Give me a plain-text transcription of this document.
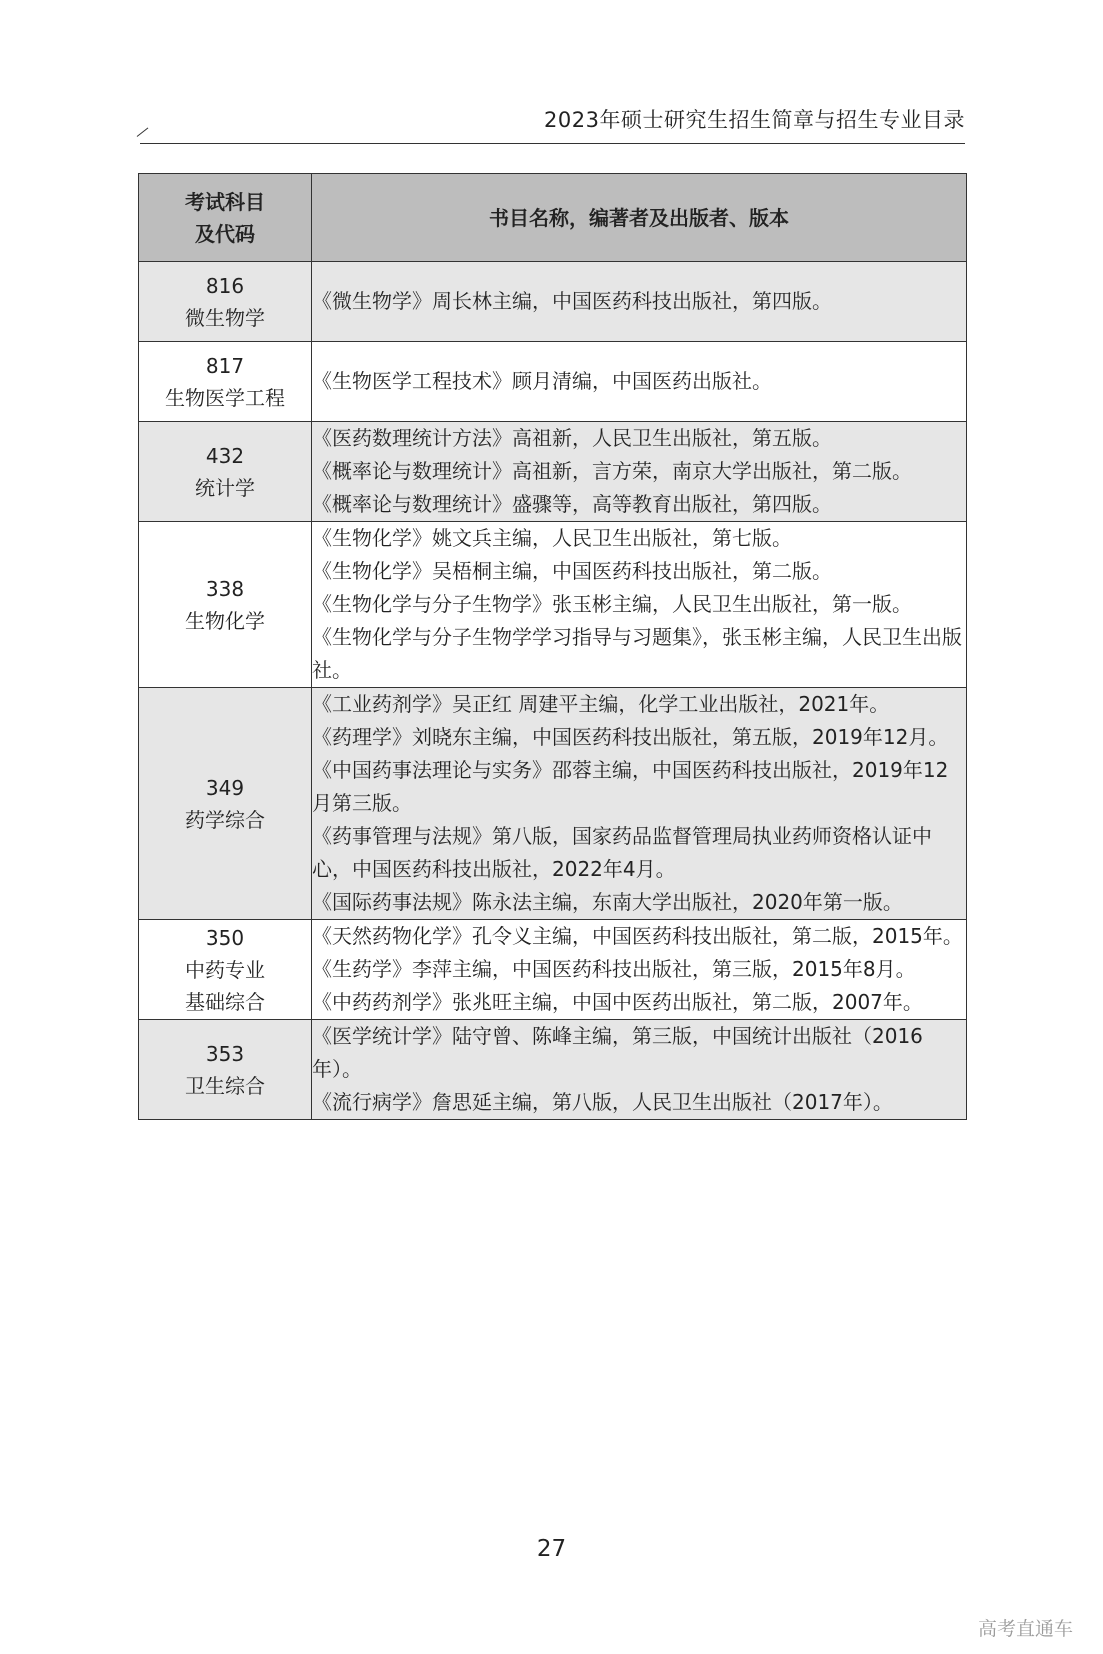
2023年硕士研究生招生简章与招生专业目录
考试科目
及代码	书目名称，编著者及出版者、版本

816
微生物学	《微生物学》周长林主编，中国医药科技出版社，第四版。

817
生物医学工程	《生物医学工程技术》顾月清编，中国医药出版社。

432
统计学	《医药数理统计方法》高祖新，人民卫生出版社，第五版。
《概率论与数理统计》高祖新，言方荣，南京大学出版社，第二版。
《概率论与数理统计》盛骤等，高等教育出版社，第四版。

338
生物化学	《生物化学》姚文兵主编，人民卫生出版社，第七版。
《生物化学》吴梧桐主编，中国医药科技出版社，第二版。
《生物化学与分子生物学》张玉彬主编，人民卫生出版社，第一版。
《生物化学与分子生物学学习指导与习题集》，张玉彬主编，人民卫生出版社。

349
药学综合	《工业药剂学》吴正红 周建平主编，化学工业出版社，2021年。
《药理学》刘晓东主编，中国医药科技出版社，第五版，2019年12月。
《中国药事法理论与实务》邵蓉主编，中国医药科技出版社，2019年12月第三版。
《药事管理与法规》第八版，国家药品监督管理局执业药师资格认证中心，中国医药科技出版社，2022年4月。
《国际药事法规》陈永法主编，东南大学出版社，2020年第一版。

350
中药专业
基础综合	《天然药物化学》孔令义主编，中国医药科技出版社，第二版，2015年。
《生药学》李萍主编，中国医药科技出版社，第三版，2015年8月。
《中药药剂学》张兆旺主编，中国中医药出版社，第二版，2007年。

353
卫生综合	《医学统计学》陆守曾、陈峰主编，第三版，中国统计出版社（2016年）。
《流行病学》詹思延主编，第八版，人民卫生出版社（2017年）。
27
高考直通车
